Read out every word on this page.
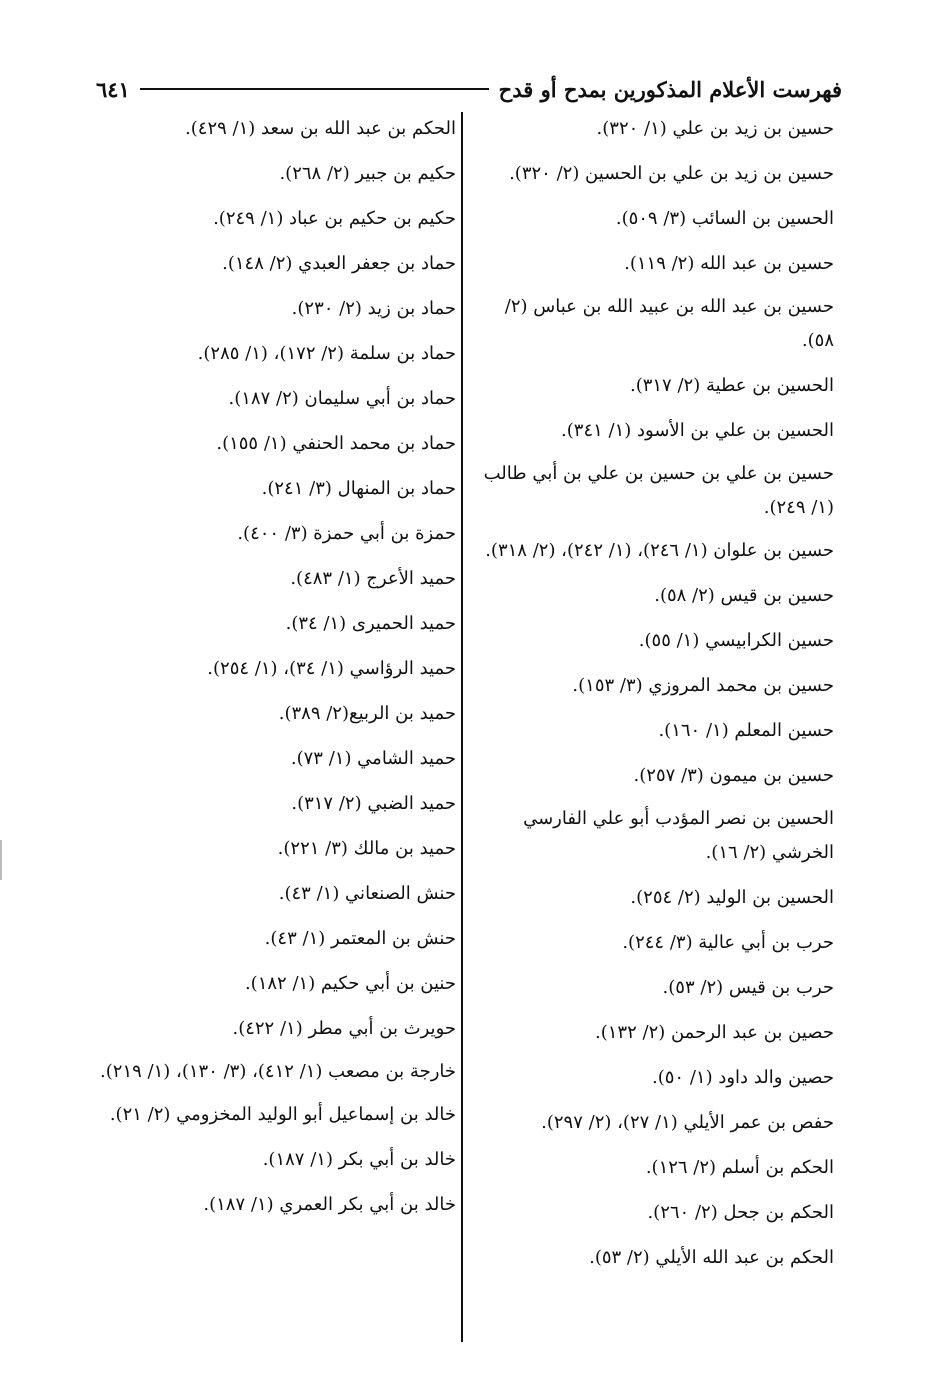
فهرست الأعلام المذكورين بمدح أو قدح
٦٤١

حسين بن زيد بن علي (١/ ٣٢٠).

حسين بن زيد بن علي بن الحسين (٢/ ٣٢٠).

الحسين بن السائب (٣/ ٥٠٩).

حسين بن عبد الله (٢/ ١١٩).

حسين بن عبد الله بن عبيد الله بن عباس (٢/ ٥٨).

الحسين بن عطية (٢/ ٣١٧).

الحسين بن علي بن الأسود (١/ ٣٤١).

حسين بن علي بن حسين بن علي بن أبي طالب (١/ ٢٤٩).

حسين بن علوان (١/ ٢٤٦)، (١/ ٢٤٢)، (٢/ ٣١٨).

حسين بن قيس (٢/ ٥٨).

حسين الكرابيسي (١/ ٥٥).

حسين بن محمد المروزي (٣/ ١٥٣).

حسين المعلم (١/ ١٦٠).

حسين بن ميمون (٣/ ٢٥٧).

الحسين بن نصر المؤدب أبو علي الفارسي الخرشي (٢/ ١٦).

الحسين بن الوليد (٢/ ٢٥٤).

حرب بن أبي عالية (٣/ ٢٤٤).

حرب بن قيس (٢/ ٥٣).

حصين بن عبد الرحمن (٢/ ١٣٢).

حصين والد داود (١/ ٥٠).

حفص بن عمر الأيلي (١/ ٢٧)، (٢/ ٢٩٧).

الحكم بن أسلم (٢/ ١٢٦).

الحكم بن جحل (٢/ ٢٦٠).

الحكم بن عبد الله الأيلي (٢/ ٥٣).

الحكم بن عبد الله بن سعد (١/ ٤٢٩).

حكيم بن جبير (٢/ ٢٦٨).

حكيم بن حكيم بن عباد (١/ ٢٤٩).

حماد بن جعفر العبدي (٢/ ١٤٨).

حماد بن زيد (٢/ ٢٣٠).

حماد بن سلمة (٢/ ١٧٢)، (١/ ٢٨٥).

حماد بن أبي سليمان (٢/ ١٨٧).

حماد بن محمد الحنفي (١/ ١٥٥).

حماد بن المنهال (٣/ ٢٤١).

حمزة بن أبي حمزة (٣/ ٤٠٠).

حميد الأعرج (١/ ٤٨٣).

حميد الحميرى (١/ ٣٤).

حميد الرؤاسي (١/ ٣٤)، (١/ ٢٥٤).

حميد بن الربيع(٢/ ٣٨٩).

حميد الشامي (١/ ٧٣).

حميد الضبي (٢/ ٣١٧).

حميد بن مالك (٣/ ٢٢١).

حنش الصنعاني (١/ ٤٣).

حنش بن المعتمر (١/ ٤٣).

حنين بن أبي حكيم (١/ ١٨٢).

حويرث بن أبي مطر (١/ ٤٢٢).

خارجة بن مصعب (١/ ٤١٢)، (٣/ ١٣٠)، (١/ ٢١٩).

خالد بن إسماعيل أبو الوليد المخزومي (٢/ ٢١).

خالد بن أبي بكر (١/ ١٨٧).

خالد بن أبي بكر العمري (١/ ١٨٧).
